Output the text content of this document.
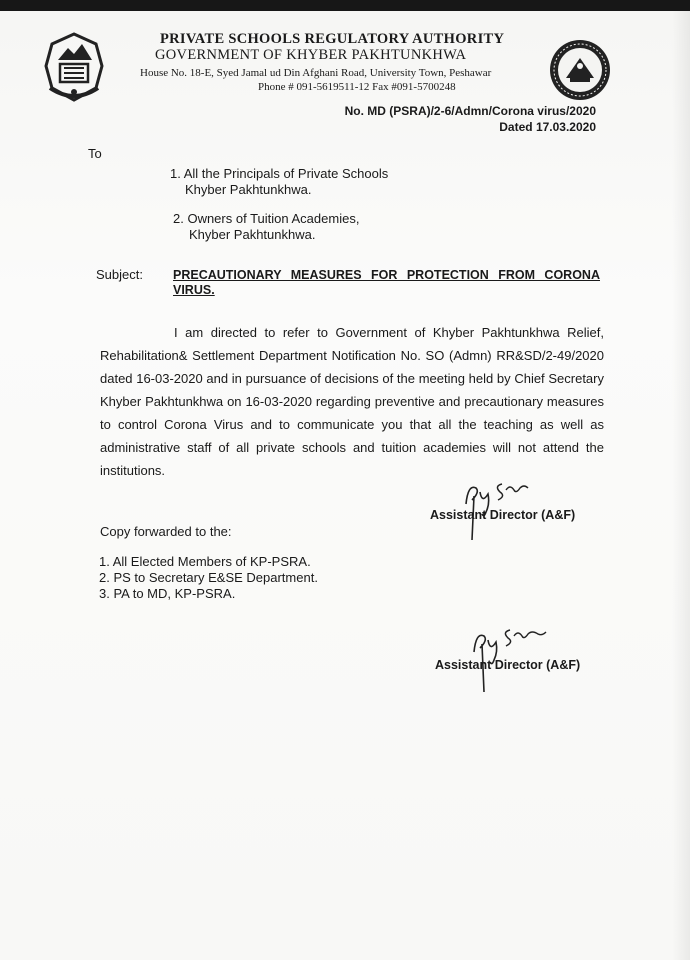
PRIVATE SCHOOLS REGULATORY AUTHORITY
GOVERNMENT OF KHYBER PAKHTUNKHWA
House No. 18-E, Syed Jamal ud Din Afghani Road, University Town, Peshawar
Phone # 091-5619511-12 Fax #091-5700248
No. MD (PSRA)/2-6/Admn/Corona virus/2020
Dated 17.03.2020
To
1. All the Principals of Private Schools
Khyber Pakhtunkhwa.
2. Owners of Tuition Academies,
Khyber Pakhtunkhwa.
Subject: PRECAUTIONARY MEASURES FOR PROTECTION FROM CORONA
VIRUS.
I am directed to refer to Government of Khyber Pakhtunkhwa Relief,
Rehabilitation& Settlement Department Notification No. SO (Admn) RR&SD/2-49/2020
dated 16-03-2020 and in pursuance of decisions of the meeting held by Chief Secretary
Khyber Pakhtunkhwa on 16-03-2020 regarding preventive and precautionary measures
to control Corona Virus and to communicate you that all the teaching as well as
administrative staff of all private schools and tuition academies will not attend the
institutions.
Assistant Director (A&F)
Copy forwarded to the:
1. All Elected Members of KP-PSRA.
2. PS to Secretary E&SE Department.
3. PA to MD, KP-PSRA.
Assistant Director (A&F)
